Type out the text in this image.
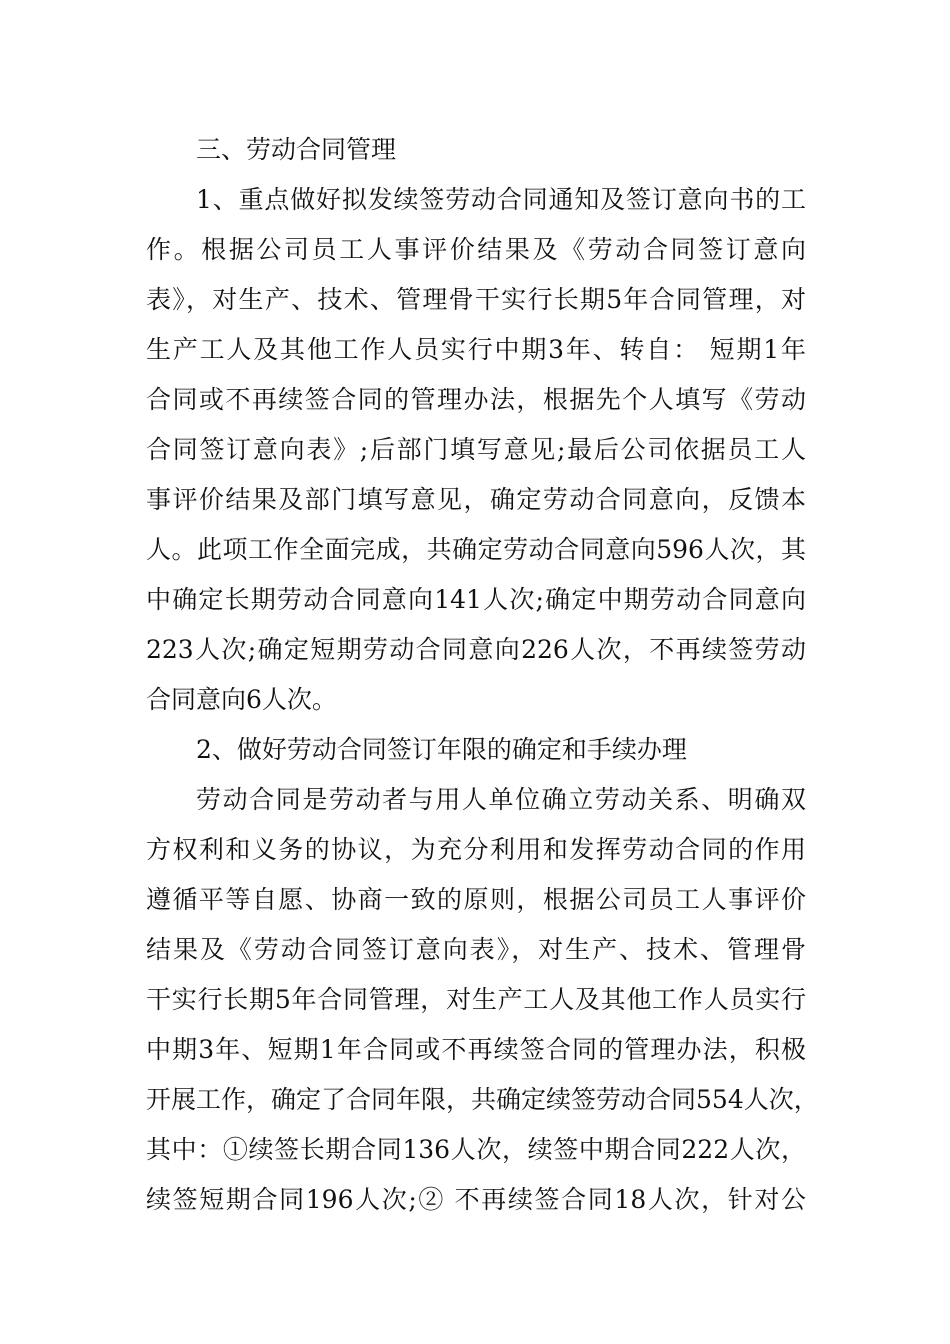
三、劳动合同管理
1、重点做好拟发续签劳动合同通知及签订意向书的工
作。根据公司员工人事评价结果及《劳动合同签订意向
表》，对生产、技术、管理骨干实行长期5年合同管理，对
生产工人及其他工作人员实行中期3年、转自： 短期1年
合同或不再续签合同的管理办法，根据先个人填写《劳动
合同签订意向表》;后部门填写意见;最后公司依据员工人
事评价结果及部门填写意见，确定劳动合同意向，反馈本
人。此项工作全面完成，共确定劳动合同意向596人次，其
中确定长期劳动合同意向141人次;确定中期劳动合同意向
223人次;确定短期劳动合同意向226人次，不再续签劳动
合同意向6人次。
2、做好劳动合同签订年限的确定和手续办理
劳动合同是劳动者与用人单位确立劳动关系、明确双
方权利和义务的协议，为充分利用和发挥劳动合同的作用
遵循平等自愿、协商一致的原则，根据公司员工人事评价
结果及《劳动合同签订意向表》，对生产、技术、管理骨
干实行长期5年合同管理，对生产工人及其他工作人员实行
中期3年、短期1年合同或不再续签合同的管理办法，积极
开展工作，确定了合同年限，共确定续签劳动合同554人次，
其中：①续签长期合同136人次，续签中期合同222人次，
续签短期合同196人次;② 不再续签合同18人次，针对公
